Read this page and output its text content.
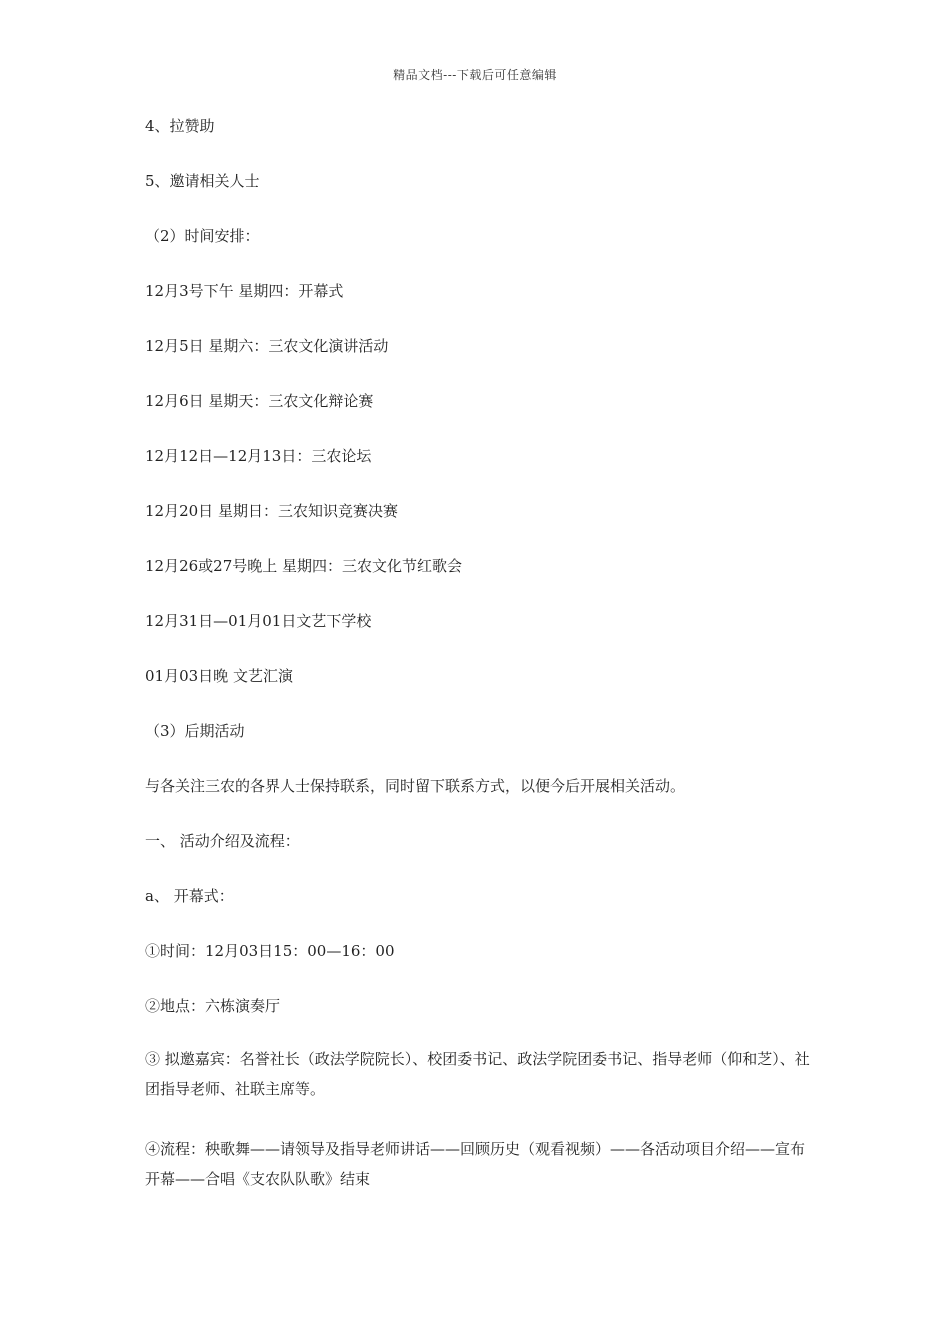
精品文档---下载后可任意编辑
4、拉赞助
5、邀请相关人士
（2）时间安排：
12月3号下午 星期四：开幕式
12月5日 星期六：三农文化演讲活动
12月6日 星期天：三农文化辩论赛
12月12日—12月13日：三农论坛
12月20日 星期日：三农知识竞赛决赛
12月26或27号晚上 星期四：三农文化节红歌会
12月31日—01月01日文艺下学校
01月03日晚 文艺汇演
（3）后期活动
与各关注三农的各界人士保持联系，同时留下联系方式，以便今后开展相关活动。
一、 活动介绍及流程：
a、 开幕式：
①时间：12月03日15：00—16：00
②地点：六栋演奏厅
③ 拟邀嘉宾：名誉社长（政法学院院长）、校团委书记、政法学院团委书记、指导老师（仰和芝）、社团指导老师、社联主席等。
④流程：秧歌舞——请领导及指导老师讲话——回顾历史（观看视频）——各活动项目介绍——宣布开幕——合唱《支农队队歌》结束
